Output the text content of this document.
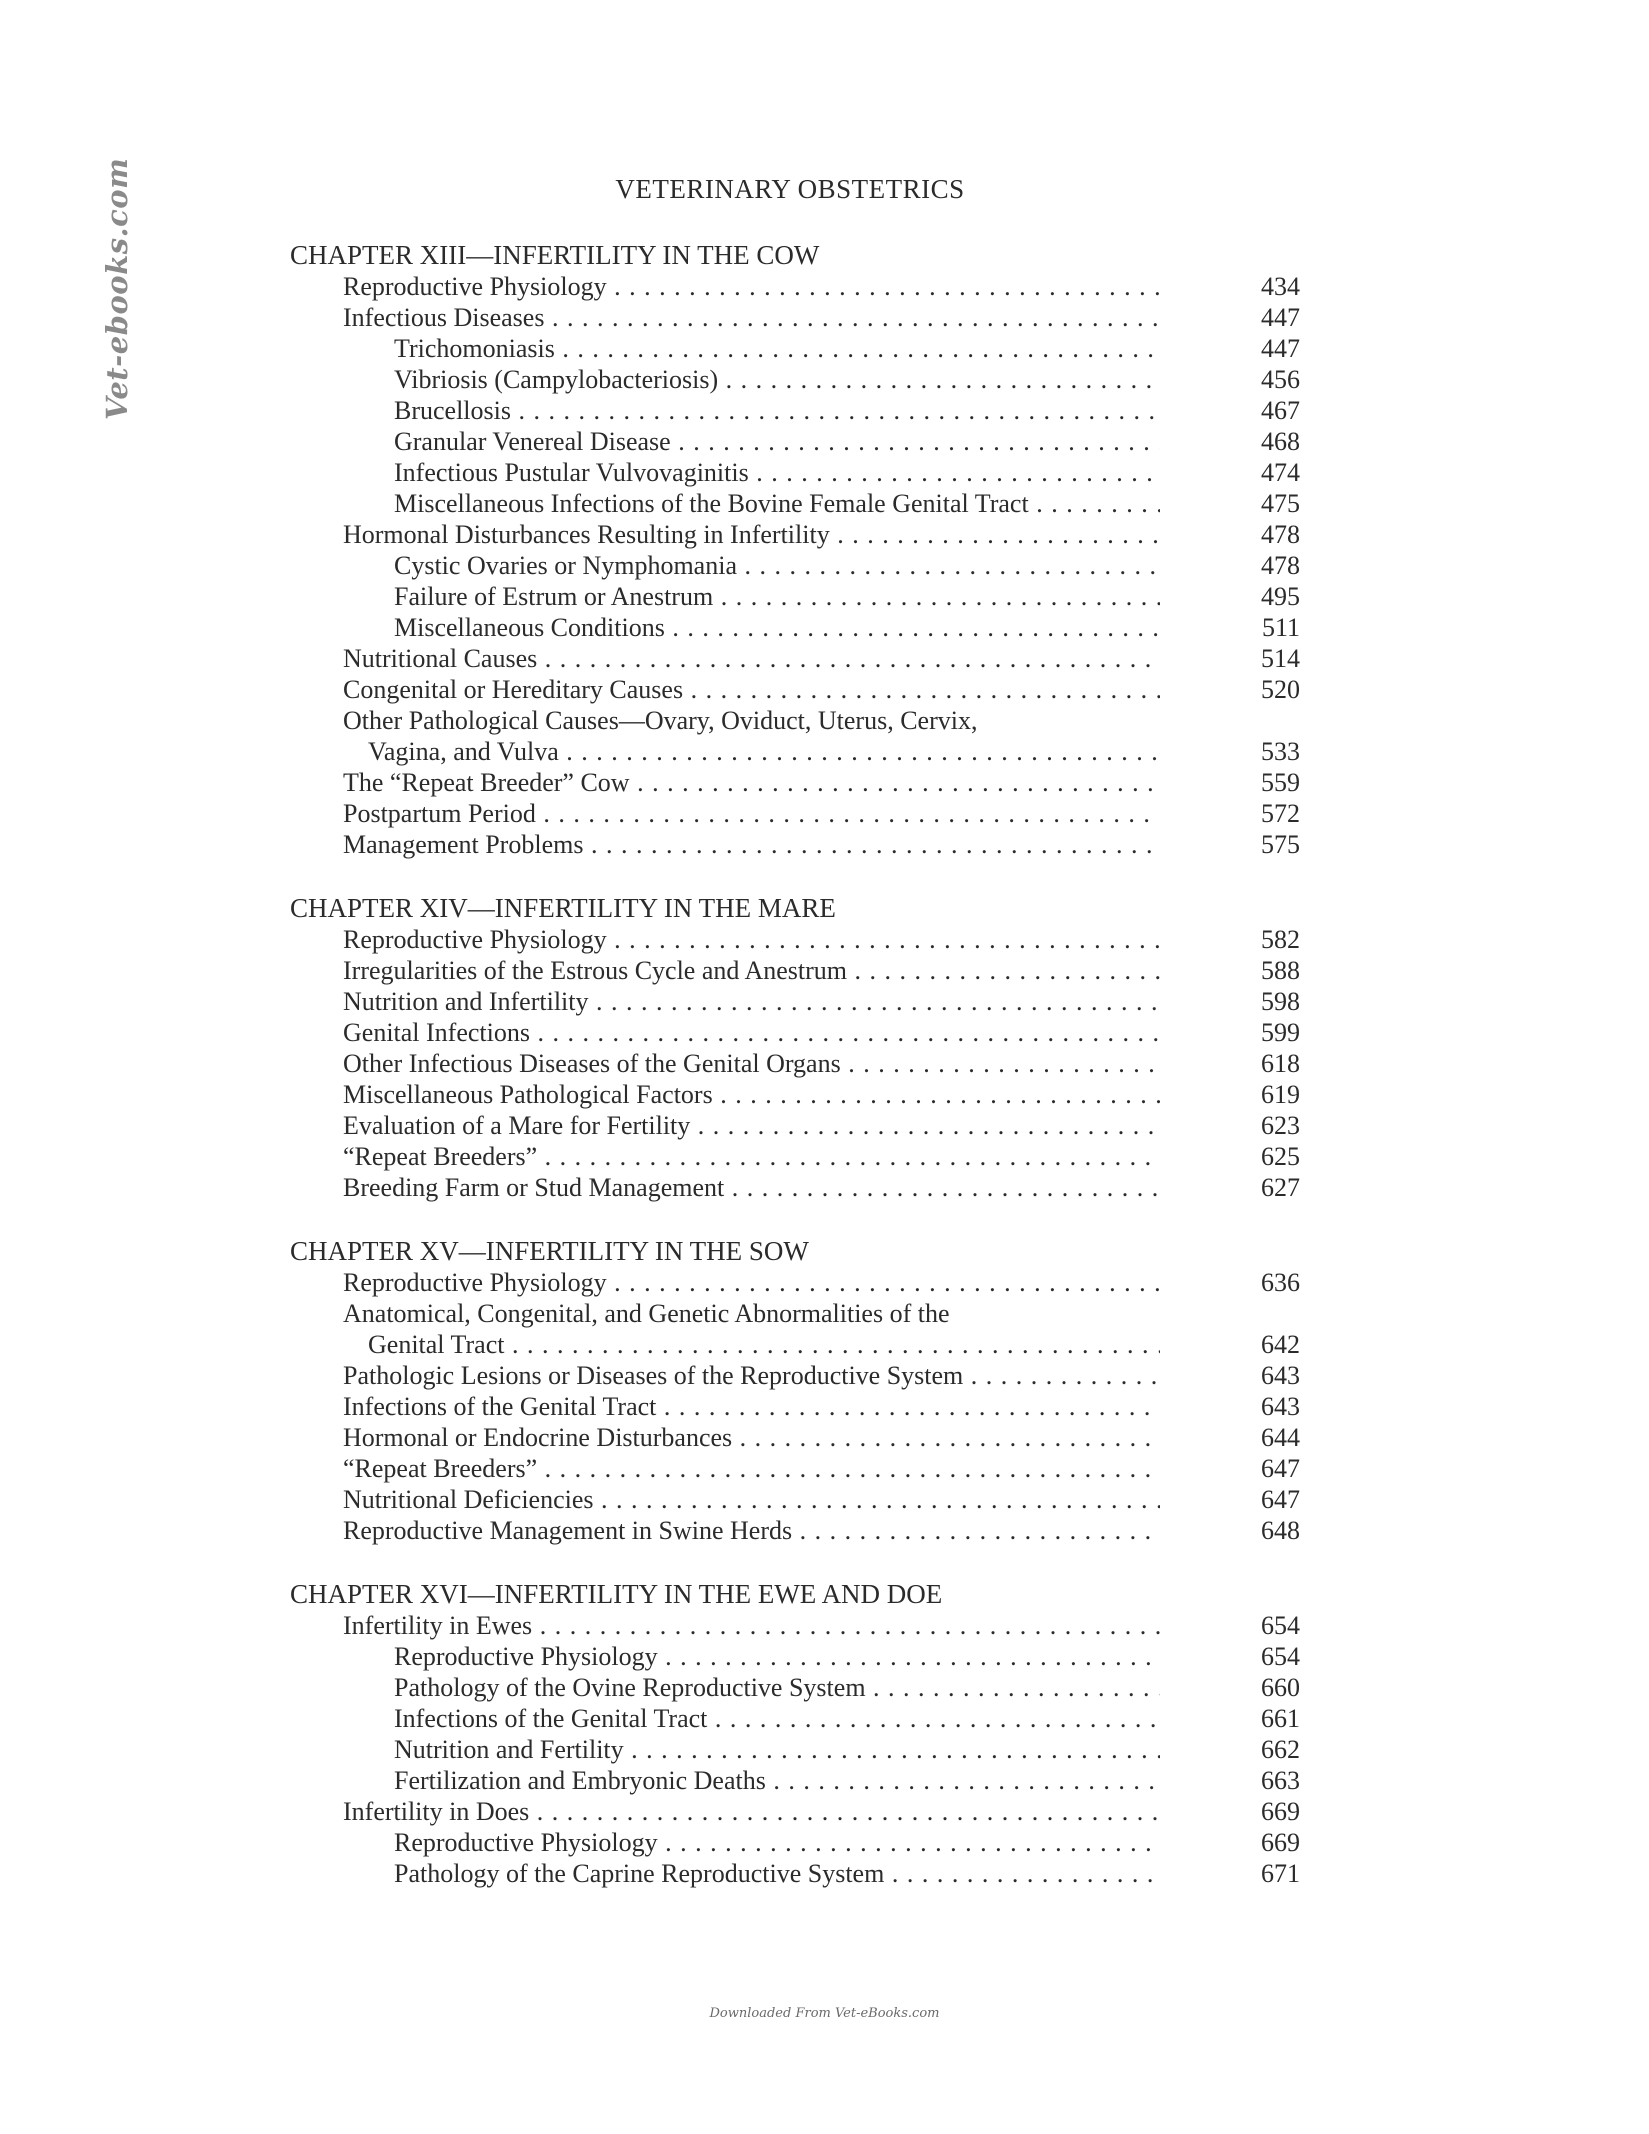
Vet-ebooks.com	VETERINARY OBSTETRICS
CHAPTER XIII—INFERTILITY IN THE COW
Reproductive Physiology . . .	434
Infectious Diseases . . .	447
Trichomoniasis . . .	447
Vibriosis (Campylobacteriosis) . . .	456
Brucellosis . . .	467
Granular Venereal Disease . . .	468
Infectious Pustular Vulvovaginitis . . .	474
Miscellaneous Infections of the Bovine Female Genital Tract . . .	475
Hormonal Disturbances Resulting in Infertility . . .	478
Cystic Ovaries or Nymphomania . . .	478
Failure of Estrum or Anestrum . . .	495
Miscellaneous Conditions . . .	511
Nutritional Causes . . .	514
Congenital or Hereditary Causes . . .	520
Other Pathological Causes—Ovary, Oviduct, Uterus, Cervix,
Vagina, and Vulva . . .	533
The “Repeat Breeder” Cow . . .	559
Postpartum Period . . .	572
Management Problems . . .	575
CHAPTER XIV—INFERTILITY IN THE MARE
Reproductive Physiology . . .	582
Irregularities of the Estrous Cycle and Anestrum . . .	588
Nutrition and Infertility . . .	598
Genital Infections . . .	599
Other Infectious Diseases of the Genital Organs . . .	618
Miscellaneous Pathological Factors . . .	619
Evaluation of a Mare for Fertility . . .	623
“Repeat Breeders” . . .	625
Breeding Farm or Stud Management . . .	627
CHAPTER XV—INFERTILITY IN THE SOW
Reproductive Physiology . . .	636
Anatomical, Congenital, and Genetic Abnormalities of the
Genital Tract . . .	642
Pathologic Lesions or Diseases of the Reproductive System . . .	643
Infections of the Genital Tract . . .	643
Hormonal or Endocrine Disturbances . . .	644
“Repeat Breeders” . . .	647
Nutritional Deficiencies . . .	647
Reproductive Management in Swine Herds . . .	648
CHAPTER XVI—INFERTILITY IN THE EWE AND DOE
Infertility in Ewes . . .	654
Reproductive Physiology . . .	654
Pathology of the Ovine Reproductive System . . .	660
Infections of the Genital Tract . . .	661
Nutrition and Fertility . . .	662
Fertilization and Embryonic Deaths . . .	663
Infertility in Does . . .	669
Reproductive Physiology . . .	669
Pathology of the Caprine Reproductive System . . .	671
Downloaded From Vet-eBooks.com
